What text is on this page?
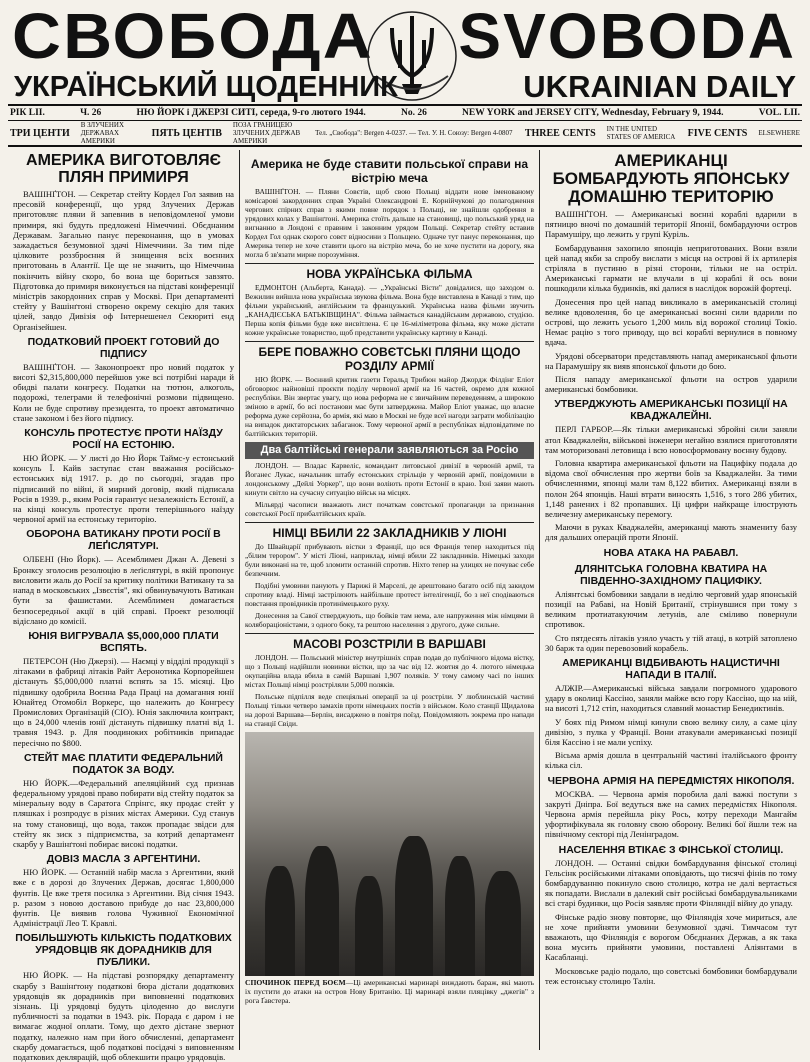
СВОБОДА SVOBODA
УКРАЇНСЬКИЙ ЩОДЕННИК	UKRAINIAN DAILY
РІК LII.	Ч. 26	НЮ ЙОРК і ДЖЕРЗІ СИТІ, середа, 9-го лютого 1944.	No. 26	NEW YORK and JERSEY CITY, Wednesday, February 9, 1944.	VOL. LII.
ТРИ ЦЕНТИ
В ЗЛУЧЕНИХ ДЕРЖАВАХ АМЕРИКИ
ПЯТЬ ЦЕНТІВ
ПОЗА ГРАНИЦЕЮ ЗЛУЧЕНИХ ДЕРЖАВ АМЕРИКИ
Тел. „Свобода": Bergen 4-0237. — Тел. У. Н. Союзу: Bergen 4-0807 THREE CENTS IN THE UNITED STATES OF AMERICA FIVE CENTS ELSEWHERE
АМЕРИКА ВИГОТОВЛЯЄ ПЛЯН ПРИМИРЯ

ВАШІНҐТОН. — Секретар стейту Кордел Гол заявив на пресовій конференції, що уряд Злучених Держав приготовляє пляни й запевнив в неповідомленої умови примиря, які будуть предложені Німеччині. Обєднаним Державам. Загально панує переконання, що в умовах зажадається безумовної здачі Німеччини. За тим піде цілковите роззброєння й знищення всіх воєнних приготовань в Алантії. Це ще не значить, що Німеччина покінчить війну скоро, бо вона ще бориться завзято. Підготовка до примиря виконується на підставі конференції міністрів закордонних справ у Москві. При департаменті стейту у Вашінґтоні створено окрему секцію для таких цілей, завдо Дивізія оф Інтернешенел Секюриті енд Організейшен.

ПОДАТКОВИЙ ПРОЕКТ ГОТОВИЙ ДО ПІДПИСУ

ВАШІНҐТОН. — Законопроект про новий податок у висоті $2,315,800,000 перейшов уже всі потрібні наради й обидві палати конгресу. Податки на тютюн, алкоголь, подорожі, телеграми й телефонічні розмови підвищено. Коли не буде спротиву президента, то проект автоматично стане законом і без його підпису.

КОНСУЛЬ ПРОТЕСТУЄ ПРОТИ НАЇЗДУ РОСІЇ НА ЕСТОНІЮ.

НЮ ЙОРК. — У листі до Ню Йорк Таймс-у естонський консуль Ї. Кайв заступає стан вважання російсько-естонських від 1917. р. до по сьогодні, згадав про підписаний по війні, й мирний договір, який підписала Росія в 1939. р., яким Росія гарантує незалежність Естонії, а на кінці консуль протестує проти теперішнього наїзду червоної армії на естонську територію.

ОБОРОНА ВАТИКАНУ ПРОТИ РОСІЇ В ЛЕҐІСЛЯТУРІ.

ОЛБЕНІ (Ню Йорк). — Асемблимен Джан А. Девені з Бронксу зголосив резолюцію в леґіслятурі, в якій пропонує висловити жаль до Росії за критику політики Ватикану та за напад в московських „Ізвєстія", які обвинувачують Ватикан бути за фашистами. Асемблимен домагається безпосередньої акції в цій справі. Проект резолюції відіслано до комісії.

ЮНІЯ ВИГРУВАЛА $5,000,000 ПЛАТИ ВСПЯТЬ.

ПЕТЕРСОН (Ню Джерзі). — Наємці у відділі продукції з літаками в фабриці літаків Райт Аеронотика Корпорейшен дістануть $5,000,000 платні вспять за 15. місяці. Цю підвишку одобрила Воєнна Рада Праці на домагання юнії Юнайтед Отомобіл Воркерс, що належить до Конгресу Промислових Організацій (СІО). Юнія заключила контракт, що в 24,000 членів юнії дістануть підвишку платні від 1. травня 1943. р. Для поодиноких робітників припадає пересічно по $800.

СТЕЙТ МАЄ ПЛАТИТИ ФЕДЕРАЛЬНИЙ ПОДАТОК ЗА ВОДУ.

НЮ ЙОРК.—Федеральний апеляційний суд признав федеральному урядові право побирати від стейту податок за мінеральну воду в Саратога Спрінгс, яку продає стейт у пляшках і розпродує в різних містах Америки. Суд станув на тому становищі, що вода, також пропадає звідси для стейту як зиск з підприємства, за котрий департамент скарбу у Вашінґтоні побирає високі податки.

ДОВІЗ МАСЛА З АРГЕНТИНИ.

НЮ ЙОРК. — Останній набір масла з Аргентини, який вже є в дорозі до Злучених Держав, досягає 1,800,000 фунтів. Це вже третя посилка з Аргентини. Від січня 1943. р. разом з новою доставою прибуде до нас 23,800,000 фунтів. Це виявив голова Чуживної Економічної Адміністрації Лео Т. Кравлі.

ПОБІЛЬШУЮТЬ КІЛЬКІСТЬ ПОДАТКОВИХ УРЯДОВЦІВ ЯК ДОРАДНИКІВ ДЛЯ ПУБЛИКИ.

НЮ ЙОРК. — На підставі розпорядку департаменту скарбу з Вашінґтону податкові бюра дістали додаткових урядовців як дорадників при виповненні податкових зізнань. Ці урядовці будуть цілоденно до вислуги публичності за податки в 1943. рік. Порада є даром і не вимагає жодної оплати. Тому, що дехто дістане звернот податку, належно нам при його обчисленні, департамент скарбу домагається, щоб податкові посідачі з виповненням податкових деклярацій, щоб облекшити працю урядовців.

Америка не буде ставити польської справи на вістрію меча

ВАШІНҐТОН. — Пляни Совєтів, щоб свою Польщі віддати нове іменованому комісарові закордонних справ Україні Олександрові Е. Корнійчукові до полагодження чергових спірних справ з якими повне порядок з Польщі, не знайшли одобрення в урядових колах у Вашінґтоні. Америка стоїть дальше на становищі, що польський уряд на вигнанню в Лондоні є правним і законним урядом Польщі. Секретар стейту вставив Кордел Гол однак скорого совєт відносини з Польщею. Одначе тут панує переконання, що Америка тепер не хоче ставити цього на вістрію меча, бо не хоче пустити на дорогу, яка могла б зв'язати мирне порозуміння.

НОВА УКРАЇНСЬКА ФІЛЬМА

ЕДМОНТОН (Альберта, Канада). — „Українські Вісти" довідалися, що заходом о. Вежилин вийшла нова українська звукова фільма. Вона буде виставлена в Канаді з тим, що фільми український, англійським та французький. Українська назва фільми звучить „КАНАДІЄСЬКА БАТЬКІВЩИНА". Фільма займається канадійським державою, студією. Перша копія фільми буде вже висвітлена. Є це 16-міліметрова фільма, яку може дістати кожне українське товариство, щоб представити українську картину в Канаді.

БЕРЕ ПОВАЖНО СОВЄТСЬКІ ПЛЯНИ ЩОДО РОЗДІЛУ АРМІЇ

НЮ ЙОРК. — Воєнний критик газети Геральд Трибюн майор Джордж Філдінг Еліот обговорює найновіші проєкти поділу червоної армії на 16 частей, окремо для кожної республіки. Він звертає увагу, що нова реформа не є звичайним переведенням, а широкою зміною в армії, бо всі постанови має бути затверджена. Майор Еліот уважає, що власне реформа дуже серйозна, бо армія, які маю в Москві не буде всеї нагоди заграти мобілізацію на випадок диктаторських забаганок. Тому червоної армії в республіках відповідатиме по балтійських територій.

Два балтійські генерали заявляються за Росію

ЛОНДОН. — Владас Карвеліс, командант литовської дивізії в червоній армії, та Йоганес Лукас, начальник штабу естонських стрільців у червоній армії, повідомили в лондонському „Дейлі Уоркер", що вони воліють проти Естонії в краю. Їхні заяви мають кинути світло на сучасну ситуацію військ на місцях.

Мільярді часописи вважають лист початкам совєтської пропаганди за признання совєтської Росії прибалтійських країв.

НІМЦІ ВБИЛИ 22 ЗАКЛАДНИКІВ У ЛІОНІ

До Швайцарії прибувають вістки з Франції, що вся Франція тепер находиться під „білим терором". У місті Ліоні, наприклад, німці вбили 22 закладників. Німецькі заходи були виконані на те, щоб зломити останній спротив. Ніхто тепер на улицях не почуває себе безпечним.

Подібні умовини панують у Парижі й Марселі, де арештовано багато осіб під закидом спротиву владі. Німці застрілюють найбільше протест інтелігенції, бо з неї сподіваються повстання провідників протинімецького руху.

Донесення за Савої стверджують, що бойків там нема, але напруження між німцями й колябораціоністами, з одного боку, та рештою населення з другого, дуже сильне.

МАСОВІ РОЗСТРІЛИ В ВАРШАВІ

ЛОНДОН. — Польський міністер внутрішніх справ подав до публічного відома вістку, що з Польщі надійшли новинки вістки, що за час від 12. жовтня до 4. лютого німецька окупаційна влада вбила в самій Варшаві 1,907 поляків. У тому самому часі по інших містах Польщі німці розстріляли 5,000 поляків.

Польське підпілля веде спеціяльні операції за ці розстріли. У люблинській частині Польщі тільки четверо замахів проти німецьких постів з військом. Коло станції Щидалова на дорозі Варшава—Берлін, висаджено в повітря поїзд. Повідомляють зокрема про напади на станції Свіди.

СПОЧИНОК ПЕРЕД БОЄМ—Ці американські маринарі виждають бараж, які мають іх пустити до атаки на остров Нову Британію. Ці маринарі взяли пляцівку „джегів" з рога Ґавстера.
АМЕРИКАНЦІ БОМБАРДУЮТЬ ЯПОНСЬКУ ДОМАШНЮ ТЕРИТОРІЮ

ВАШІНҐТОН. — Американські воєнні кораблі вдарили в пятницю вночі по домашній території Японії, бомбардуючи остров Парамушіру, що лежить у групі Куріль.

Бомбардування захопило японців неприготованих. Вони взяли цей напад якби за спробу вислати з місця на острові й іх артилерія стріляла в пустиню в різні сторони, тільки не на остріл. Американські гармати не влучали в ці кораблі й ось вони пошкодили кілька будинків, які далися в наслідок ворожій фортеці.

Донесення про цей напад викликало в американській столиці велике вдоволення, бо це американські воєнні сили вдарили по острові, що лежить усього 1,200 миль від ворожої столиці Токіо. Немає рацію з того приводу, що всі кораблі вернулися в повному вдача.

Урядові обсерватори представляють напад американської фльоти на Парамушіру як вияв японської фльоти до бою.

Після нападу американської фльоти на остров ударили американські бомбовики.

УТВЕРДЖУЮТЬ АМЕРИКАНСЬКІ ПОЗИЦІЇ НА КВАДЖАЛЕЙНІ.

ПЕРЛ ГАРБОР.—Як тільки американські збройні сили заняли атол Кваджалейн, військові інженери негайно взялися приготовляти там моторизовані летовища і всю новосформовану воєнну будову.

Головна квартира американської фльоти на Пацифіку подала до відома свої обчислення про жертви боїв за Кваджалейн. За тими обчисленнями, японці мали там 8,122 вбитих. Американці взяли в полон 264 японців. Наші втрати виносять 1,516, з того 286 убитих, 1,148 ранених і 82 пропавших. Ці цифри найкраще ілюструють величезну американську перемогу.

Маючи в руках Кваджалейн, американці мають знамениту базу для дальших операцій проти Японії.

НОВА АТАКА НА РАБАВЛ.
ДЛЯНІТСЬКА ГОЛОВНА КВАТИРА НА ПІВДЕННО-ЗАХІДНОМУ ПАЦИФІКУ.

Аліянтські бомбовики завдали в неділю черговий удар японській позиції на Рабаві, на Новій Британії, стрінувшися при тому з великим протиатакуючим летунів, але сміливо повернули спротивок.

Сто пятдесять літаків узяло участь у тій атаці, в котрій затоплено 30 барж та один перевозовий корабель.

АМЕРИКАНЦІ ВІДБИВАЮТЬ НАЦИСТИЧНІ НАПАДИ В ІТАЛІЇ.

АЛЖІР.—Американські війська завдали погромного ударового удару в околиці Кассіно, заняли майже всю гору Кассіно, що на ній, на висоті 1,712 стіп, находиться славний монастир Бенедиктинів.

У боях під Римом німці кинули свою велику силу, а саме цілу дивізію, з пулка у Франції. Вони атакували американські позиції біля Кассіно і не мали успіху.

Вісьма армія дошла в центральній частині італійського фронту кілька сіл.

ЧЕРВОНА АРМІЯ НА ПЕРЕДМІСТЯХ НІКОПОЛЯ.

МОСКВА. — Червона армія поробила далі важкі поступи з закруті Дніпра. Бої ведуться вже на самих передмістях Нікополя. Червона армія перейшла ріку Рось, котру переходи Мангайм уфортифікувала як головну свою оборону. Великі бої йшли теж на північному секторі під Ленінградом.

НАСЕЛЕННЯ ВТІКАЄ З ФІНСЬКОЇ СТОЛИЦІ.

ЛОНДОН. — Останні свідки бомбардування фінської столиці Гельсінк російськими літаками оповідають, що тисячі фінів по тому бомбардуванню покинуло свою столицю, котра не далі вертається як попадати. Вислали в далекий світ російські бомбардувальниками всі старі будинки, що Росія заявляє проти Фінляндії війну до упаду.

Фінське радіо знову повторяє, що Фінляндія хоче мириться, але не хоче прийняти умовини безумовної здачі. Тимчасом тут вважають, що Фінляндія є ворогом Обєднаних Держав, а як така вона мусить прийняти умовини, поставлені Аліянтами в Касабланці.

Московське радіо подало, що совєтські бомбовики бомбардували теж естонську столицю Талін.
